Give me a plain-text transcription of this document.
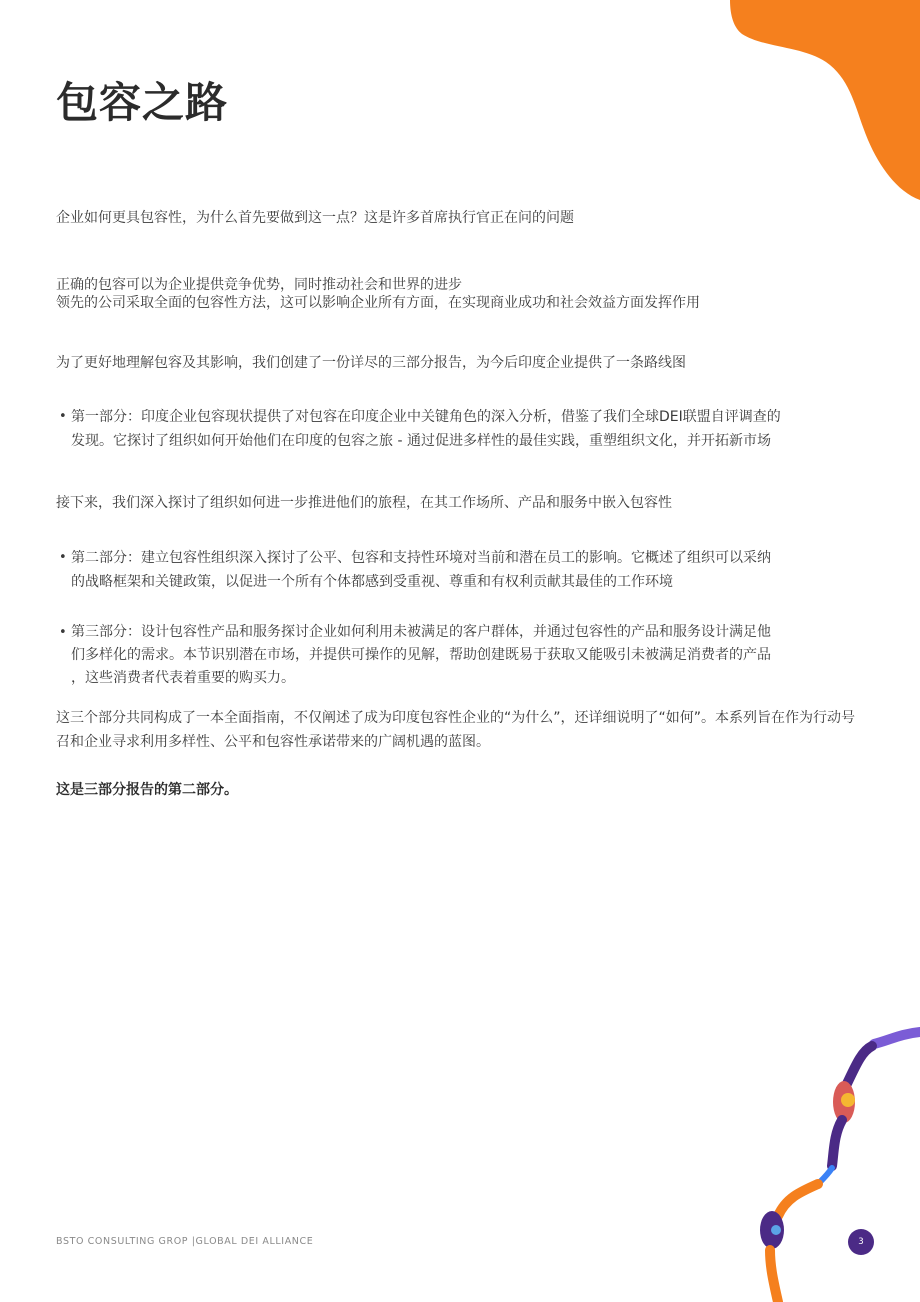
包容之路

企业如何更具包容性，为什么首先要做到这一点？这是许多首席执行官正在问的问题

正确的包容可以为企业提供竞争优势，同时推动社会和世界的进步

领先的公司采取全面的包容性方法，这可以影响企业所有方面，在实现商业成功和社会效益方面发挥作用

为了更好地理解包容及其影响，我们创建了一份详尽的三部分报告，为今后印度企业提供了一条路线图

• 第一部分：印度企业包容现状提供了对包容在印度企业中关键角色的深入分析，借鉴了我们全球DEI联盟自评调查的

发现。它探讨了组织如何开始他们在印度的包容之旅 - 通过促进多样性的最佳实践，重塑组织文化，并开拓新市场

接下来，我们深入探讨了组织如何进一步推进他们的旅程，在其工作场所、产品和服务中嵌入包容性

• 第二部分：建立包容性组织深入探讨了公平、包容和支持性环境对当前和潜在员工的影响。它概述了组织可以采纳

的战略框架和关键政策，以促进一个所有个体都感到受重视、尊重和有权利贡献其最佳的工作环境

• 第三部分：设计包容性产品和服务探讨企业如何利用未被满足的客户群体，并通过包容性的产品和服务设计满足他

们多样化的需求。本节识别潜在市场，并提供可操作的见解，帮助创建既易于获取又能吸引未被满足消费者的产品

，这些消费者代表着重要的购买力。

这三个部分共同构成了一本全面指南，不仅阐述了成为印度包容性企业的“为什么”，还详细说明了“如何”。本系列旨在作为行动号召和企业寻求利用多样性、公平和包容性承诺带来的广阔机遇的蓝图。

这是三部分报告的第二部分。

BSTO CONSULTING GROP |GLOBAL DEI ALLIANCE	3
